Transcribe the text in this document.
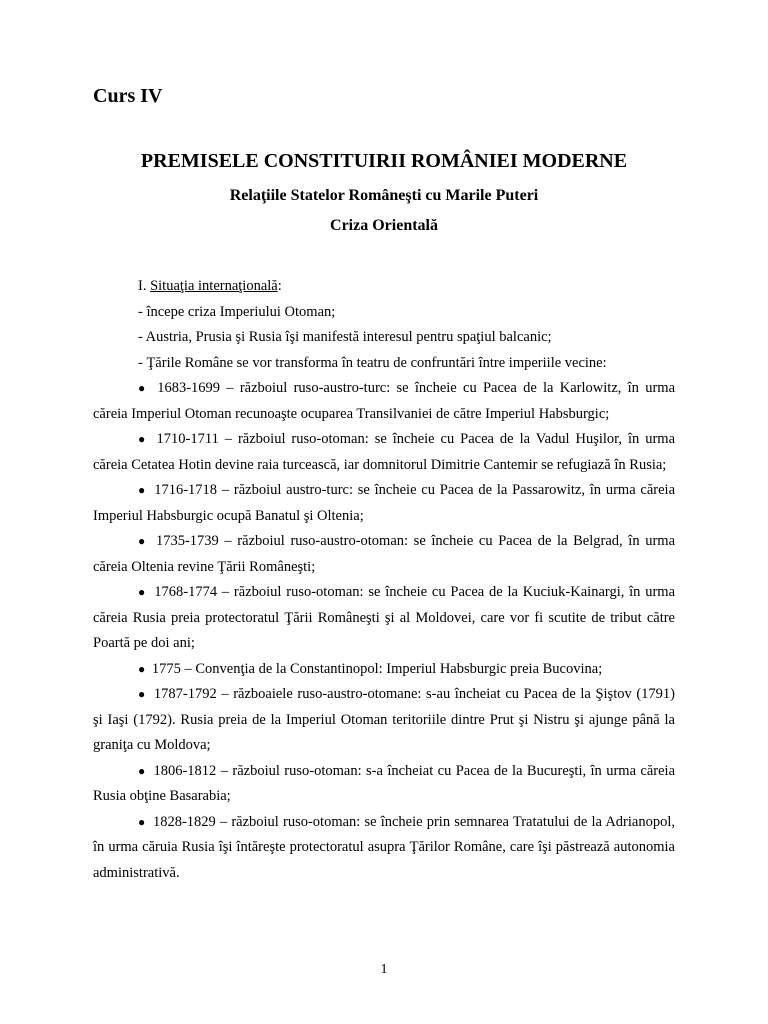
Curs IV
PREMISELE CONSTITUIRII ROMÂNIEI MODERNE
Relaţiile Statelor Româneşti cu Marile Puteri
Criza Orientală

I. Situaţia internaţională:

- începe criza Imperiului Otoman;

- Austria, Prusia şi Rusia îşi manifestă interesul pentru spaţiul balcanic;

- Ţările Române se vor transforma în teatru de confruntări între imperiile vecine:

● 1683-1699 – războiul ruso-austro-turc: se încheie cu Pacea de la Karlowitz, în urma căreia Imperiul Otoman recunoaşte ocuparea Transilvaniei de către Imperiul Habsburgic;

● 1710-1711 – războiul ruso-otoman: se încheie cu Pacea de la Vadul Huşilor, în urma căreia Cetatea Hotin devine raia turcească, iar domnitorul Dimitrie Cantemir se refugiază în Rusia;

● 1716-1718 – războiul austro-turc: se încheie cu Pacea de la Passarowitz, în urma căreia Imperiul Habsburgic ocupă Banatul şi Oltenia;

● 1735-1739 – războiul ruso-austro-otoman: se încheie cu Pacea de la Belgrad, în urma căreia Oltenia revine Ţării Româneşti;

● 1768-1774 – războiul ruso-otoman: se încheie cu Pacea de la Kuciuk-Kainargi, în urma căreia Rusia preia protectoratul Ţării Româneşti şi al Moldovei, care vor fi scutite de tribut către Poartă pe doi ani;

● 1775 – Convenţia de la Constantinopol: Imperiul Habsburgic preia Bucovina;

● 1787-1792 – războaiele ruso-austro-otomane: s-au încheiat cu Pacea de la Şiştov (1791) şi Iaşi (1792). Rusia preia de la Imperiul Otoman teritoriile dintre Prut şi Nistru şi ajunge până la graniţa cu Moldova;

● 1806-1812 – războiul ruso-otoman: s-a încheiat cu Pacea de la Bucureşti, în urma căreia Rusia obţine Basarabia;

● 1828-1829 – războiul ruso-otoman: se încheie prin semnarea Tratatului de la Adrianopol, în urma căruia Rusia îşi întăreşte protectoratul asupra Ţărilor Române, care îşi păstrează autonomia administrativă.

1
